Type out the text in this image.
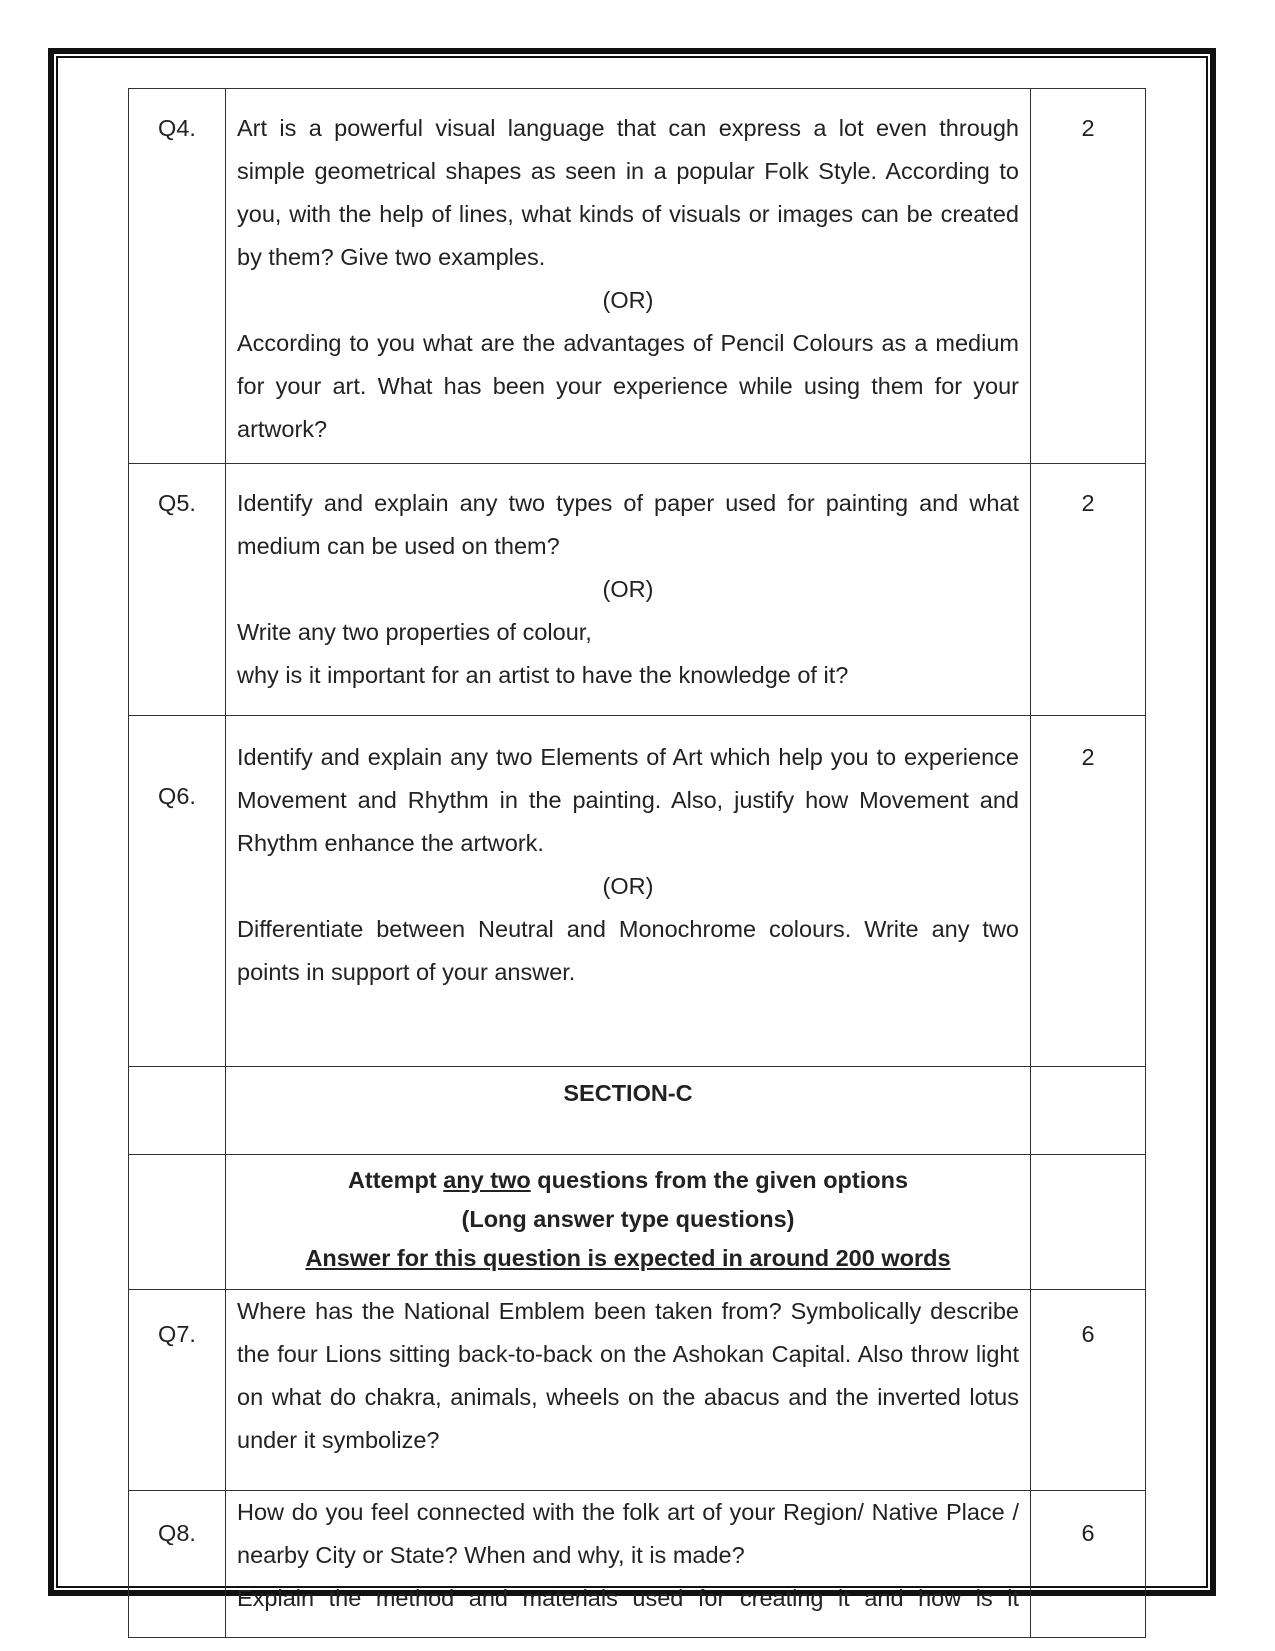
Q4.	Art is a powerful visual language that can express a lot even through simple geometrical shapes as seen in a popular Folk Style. According to you, with the help of lines, what kinds of visuals or images can be created by them? Give two examples.
(OR)
According to you what are the advantages of Pencil Colours as a medium for your art. What has been your experience while using them for your artwork?	2
Q5.	Identify and explain any two types of paper used for painting and what medium can be used on them?
(OR)
Write any two properties of colour,
why is it important for an artist to have the knowledge of it?	2
Q6.	Identify and explain any two Elements of Art which help you to experience Movement and Rhythm in the painting. Also, justify how Movement and Rhythm enhance the artwork.
(OR)
Differentiate between Neutral and Monochrome colours. Write any two points in support of your answer.	2
	SECTION-C	

	Attempt any two questions from the given options
(Long answer type questions)
Answer for this question is expected in around 200 words	

Q7.	Where has the National Emblem been taken from? Symbolically describe the four Lions sitting back-to-back on the Ashokan Capital. Also throw light on what do chakra, animals, wheels on the abacus and the inverted lotus under it symbolize?	6
Q8.	How do you feel connected with the folk art of your Region/ Native Place / nearby City or State? When and why, it is made?
Explain the method and materials used for creating it and how is it	6
